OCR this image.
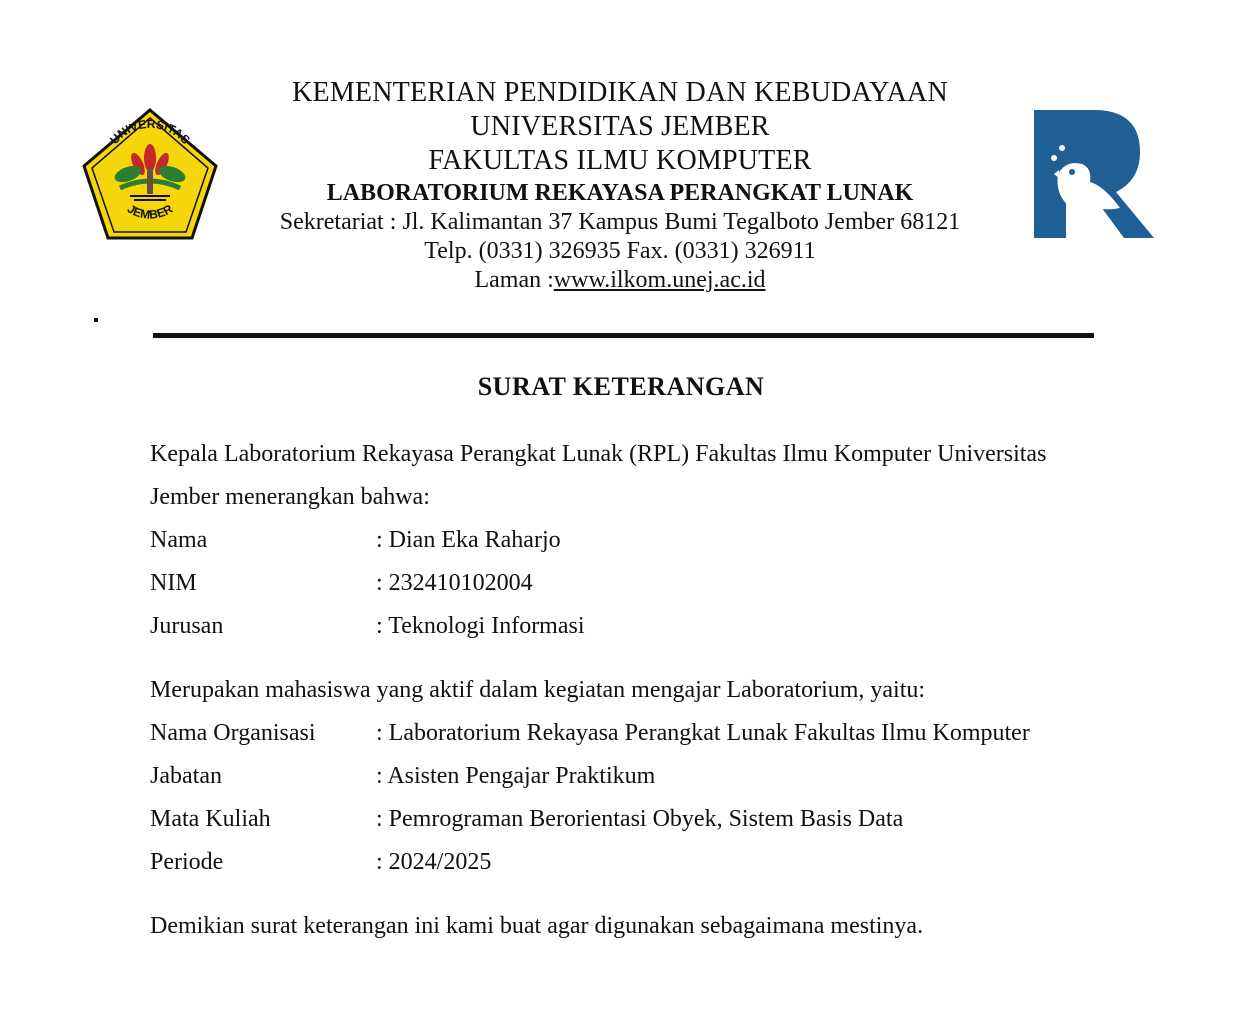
UNIVERSITAS
JEMBER
KEMENTERIAN PENDIDIKAN DAN KEBUDAYAAN
UNIVERSITAS JEMBER
FAKULTAS ILMU KOMPUTER
LABORATORIUM REKAYASA PERANGKAT LUNAK
Sekretariat : Jl. Kalimantan 37 Kampus Bumi Tegalboto Jember 68121
Telp. (0331) 326935 Fax. (0331) 326911
Laman :www.ilkom.unej.ac.id
SURAT KETERANGAN
Kepala Laboratorium Rekayasa Perangkat Lunak (RPL) Fakultas Ilmu Komputer Universitas
Jember menerangkan bahwa:
Nama	: Dian Eka Raharjo
NIM	: 232410102004
Jurusan	: Teknologi Informasi
Merupakan mahasiswa yang aktif dalam kegiatan mengajar Laboratorium, yaitu:
Nama Organisasi	: Laboratorium Rekayasa Perangkat Lunak Fakultas Ilmu Komputer
Jabatan	: Asisten Pengajar Praktikum
Mata Kuliah	: Pemrograman Berorientasi Obyek, Sistem Basis Data
Periode	: 2024/2025
Demikian surat keterangan ini kami buat agar digunakan sebagaimana mestinya.
